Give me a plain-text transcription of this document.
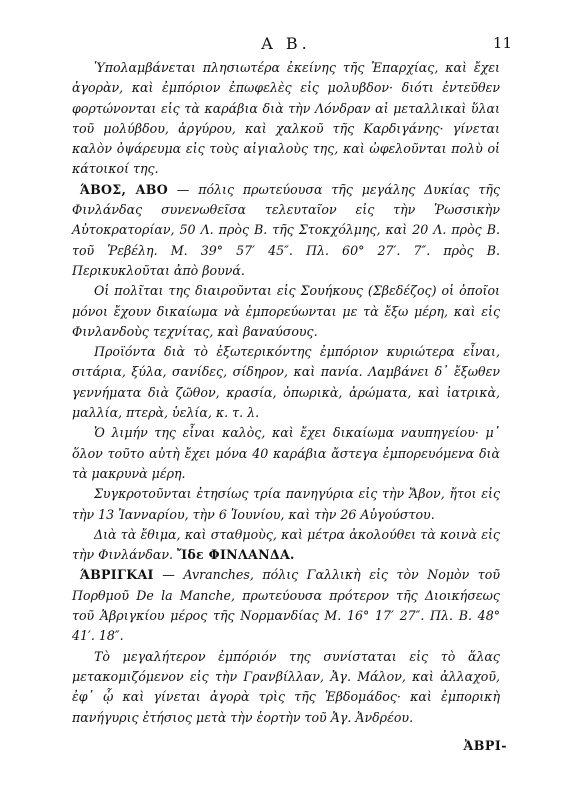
Α Β.	11

Ὑπολαμβάνεται πλησιωτέρα ἐκείνης τῆς Ἐπαρχίας, καὶ ἔχει ἀγορὰν, καὶ ἐμπόριον ἐπωφελὲς εἰς μολυβδον· διότι ἐντεῦθεν φορτώνονται εἰς τὰ καράβια διὰ τὴν Λόνδραν αἱ μεταλλικαὶ ὕλαι τοῦ μολύβδου, ἀργύρου, καὶ χαλκοῦ τῆς Καρδιγάνης· γίνεται καλὸν ὀψάρευμα εἰς τοὺς αἰγιαλοὺς της, καὶ ὠφελοῦνται πολὺ οἱ κάτοικοί της.

ΆΒΟΣ, ΑΒΟ — πόλις πρωτεύουσα τῆς μεγάλης Δυκίας τῆς Φινλάνδας συνενωθεῖσα τελευταῖον εἰς τὴν Ῥωσσικὴν Αὐτοκρατορίαν, 50 Λ. πρὸς Β. τῆς Στοκχόλμης, καὶ 20 Λ. πρὸς Β. τοῦ Ῥεβέλη. Μ. 39° 57′ 45″. Πλ. 60° 27′. 7″. πρὸς Β. Περικυκλοῦται ἀπὸ βουνά.

Οἱ πολῖται της διαιροῦνται εἰς Σουήκους (Σβεδέζος) οἱ ὁποῖοι μόνοι ἔχουν δικαίωμα νὰ ἐμπορεύωνται με τὰ ἔξω μέρη, καὶ εἰς Φινλανδοὺς τεχνίτας, καὶ βαναύσους.

Προϊόντα διὰ τὸ ἐξωτερικόντης ἐμπόριον κυριώτερα εἶναι, σιτάρια, ξύλα, σανίδες, σίδηρον, καὶ πανία. Λαμβάνει δ᾽ ἔξωθεν γεννήματα διὰ ζῶθον, κρασία, ὀπωρικὰ, ἀρώματα, καὶ ἰατρικὰ, μαλλία, πτερὰ, ὑελία, κ. τ. λ.

Ὁ λιμήν της εἶναι καλὸς, καὶ ἔχει δικαίωμα ναυπηγείου· μ᾽ ὅλον τοῦτο αὐτὴ ἔχει μόνα 40 καράβια ἄστεγα ἐμπορευόμενα διὰ τὰ μακρυνὰ μέρη.

Συγκροτοῦνται ἐτησίως τρία πανηγύρια εἰς τὴν Ἄβον, ἤτοι εἰς τὴν 13 Ἰανναρίου, τὴν 6 Ἰουνίου, καὶ τὴν 26 Αὐγούστου.

Διὰ τὰ ἔθιμα, καὶ σταθμοὺς, καὶ μέτρα ἀκολούθει τὰ κοινὰ εἰς τὴν Φινλάνδαν. Ἴδε ΦΙΝΛΑΝΔΑ.

ΆΒΡΙΓΚΑΙ — Avranches, πόλις Γαλλικὴ εἰς τὸν Νομὸν τοῦ Πορθμοῦ De la Manche, πρωτεύουσα πρότερον τῆς Διοικήσεως τοῦ Ἀβριγκίου μέρος τῆς Νορμανδίας Μ. 16° 17′ 27″. Πλ. Β. 48° 41′. 18″.

Τὸ μεγαλήτερον ἐμπόριόν της συνίσταται εἰς τὸ ἅλας μετακομιζόμενον εἰς τὴν Γρανβίλλαν, Ἀγ. Μάλον, καὶ ἀλλαχοῦ, ἐφ᾽ ᾧ καὶ γίνεται ἀγορὰ τρὶς τῆς Ἑβδομάδος· καὶ ἐμπορικὴ πανήγυρις ἐτήσιος μετὰ τὴν ἑορτὴν τοῦ Ἀγ. Ἀνδρέου.

ἈΒΡΙ-
